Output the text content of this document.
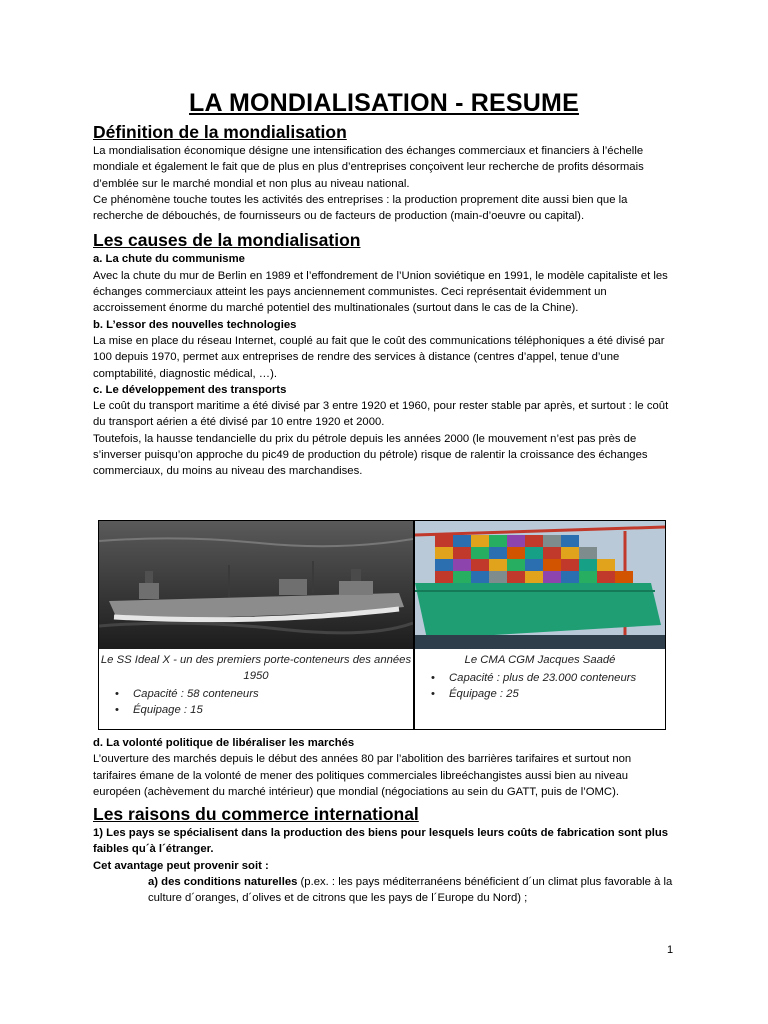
LA MONDIALISATION - RESUME
Définition de la mondialisation

La mondialisation économique désigne une intensification des échanges commerciaux et financiers à l’échelle mondiale et également le fait que de plus en plus d’entreprises conçoivent leur recherche de profits désormais d’emblée sur le marché mondial et non plus au niveau national.

Ce phénomène touche toutes les activités des entreprises : la production proprement dite aussi bien que la recherche de débouchés, de fournisseurs ou de facteurs de production (main-d’oeuvre ou capital).

Les causes de la mondialisation
a. La chute du communisme

Avec la chute du mur de Berlin en 1989 et l’effondrement de l’Union soviétique en 1991, le modèle capitaliste et les échanges commerciaux atteint les pays anciennement communistes. Ceci représentait évidemment un accroissement énorme du marché potentiel des multinationales (surtout dans le cas de la Chine).

b. L’essor des nouvelles technologies

La mise en place du réseau Internet, couplé au fait que le coût des communications téléphoniques a été divisé par 100 depuis 1970, permet aux entreprises de rendre des services à distance (centres d’appel, tenue d’une comptabilité, diagnostic médical, …).

c. Le développement des transports

Le coût du transport maritime a été divisé par 3 entre 1920 et 1960, pour rester stable par après, et surtout : le coût du transport aérien a été divisé par 10 entre 1920 et 2000.

Toutefois, la hausse tendancielle du prix du pétrole depuis les années 2000 (le mouvement n’est pas près de s’inverser puisqu’on approche du pic49 de production du pétrole) risque de ralentir la croissance des échanges commerciaux, du moins au niveau des marchandises.

Le SS Ideal X - un des premiers porte-conteneurs des années 1950
• Capacité : 58 conteneurs
• Équipage : 15
Le CMA CGM Jacques Saadé
• Capacité : plus de 23.000 conteneurs
• Équipage : 25
d. La volonté politique de libéraliser les marchés

L’ouverture des marchés depuis le début des années 80 par l’abolition des barrières tarifaires et surtout non tarifaires émane de la volonté de mener des politiques commerciales libreéchangistes aussi bien au niveau européen (achèvement du marché intérieur) que mondial (négociations au sein du GATT, puis de l’OMC).

Les raisons du commerce international

1) Les pays se spécialisent dans la production des biens pour lesquels leurs coûts de fabrication sont plus faibles qu´à l´étranger.

Cet avantage peut provenir soit :

a) des conditions naturelles (p.ex. : les pays méditerranéens bénéficient d´un climat plus favorable à la culture d´oranges, d´olives et de citrons que les pays de l´Europe du Nord) ;

1
